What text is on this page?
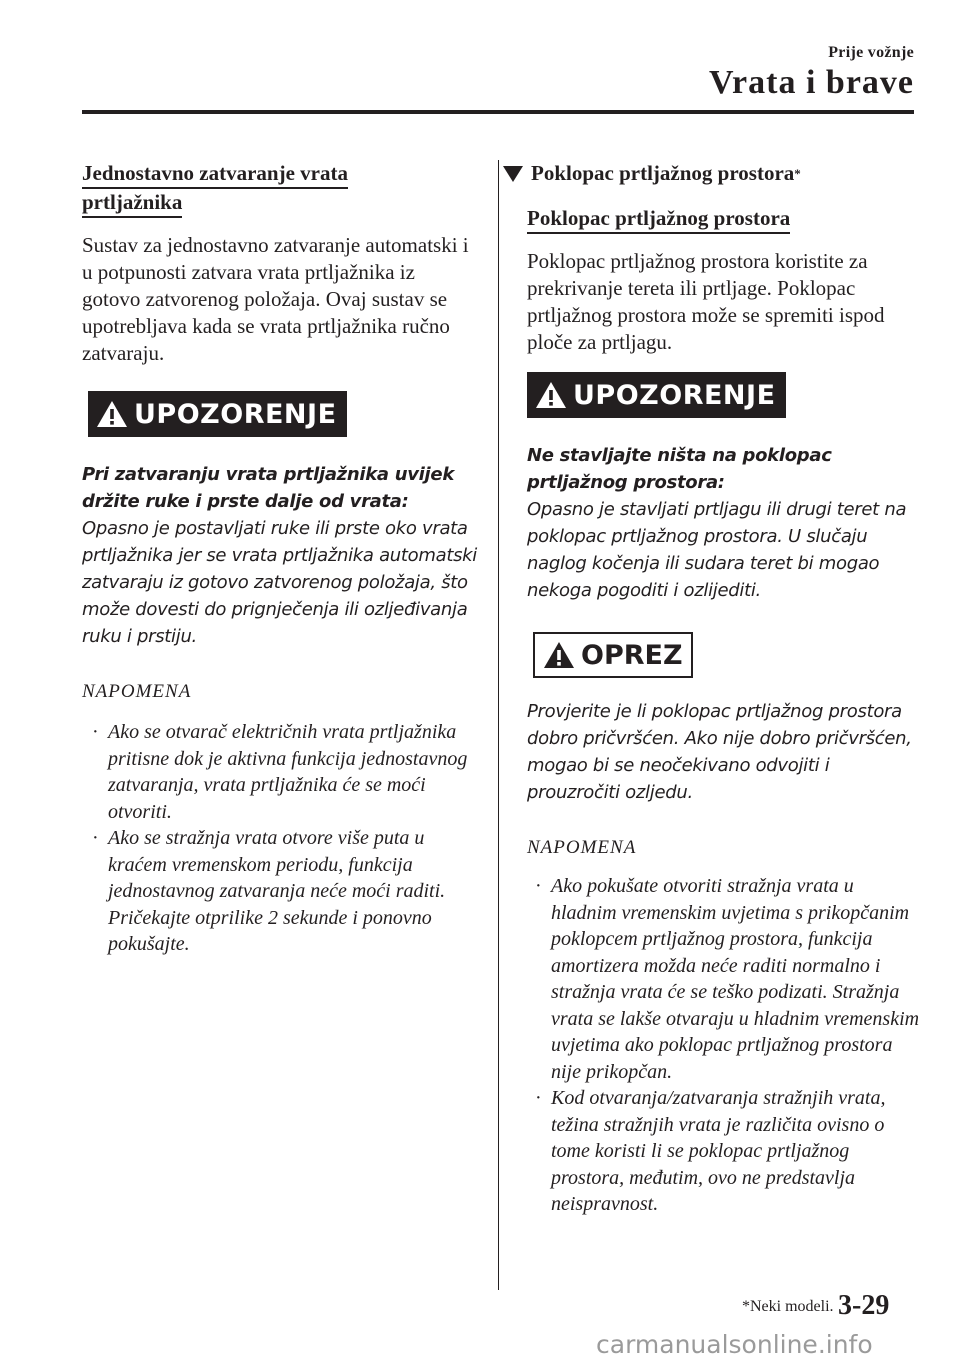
Prije vožnje
Vrata i brave
Jednostavno zatvaranje vrata
prtljažnika

Sustav za jednostavno zatvaranje automatski i u potpunosti zatvara vrata prtljažnika iz gotovo zatvorenog položaja. Ovaj sustav se upotrebljava kada se vrata prtljažnika ručno zatvaraju.

UPOZORENJE

Pri zatvaranju vrata prtljažnika uvijek držite ruke i prste dalje od vrata:

Opasno je postavljati ruke ili prste oko vrata prtljažnika jer se vrata prtljažnika automatski zatvaraju iz gotovo zatvorenog položaja, što može dovesti do prignječenja ili ozljeđivanja ruku i prstiju.

NAPOMENA

· Ako se otvarač električnih vrata prtljažnika pritisne dok je aktivna funkcija jednostavnog zatvaranja, vrata prtljažnika će se moći otvoriti.
· Ako se stražnja vrata otvore više puta u kraćem vremenskom periodu, funkcija jednostavnog zatvaranja neće moći raditi. Pričekajte otprilike 2 sekunde i ponovno pokušajte.
Poklopac prtljažnog prostora *
Poklopac prtljažnog prostora

Poklopac prtljažnog prostora koristite za prekrivanje tereta ili prtljage. Poklopac prtljažnog prostora može se spremiti ispod ploče za prtljagu.

UPOZORENJE

Ne stavljajte ništa na poklopac prtljažnog prostora:

Opasno je stavljati prtljagu ili drugi teret na poklopac prtljažnog prostora. U slučaju naglog kočenja ili sudara teret bi mogao nekoga pogoditi i ozlijediti.

OPREZ

Provjerite je li poklopac prtljažnog prostora dobro pričvršćen. Ako nije dobro pričvršćen, mogao bi se neočekivano odvojiti i prouzročiti ozljedu.

NAPOMENA

· Ako pokušate otvoriti stražnja vrata u hladnim vremenskim uvjetima s prikopčanim poklopcem prtljažnog prostora, funkcija amortizera možda neće raditi normalno i stražnja vrata će se teško podizati. Stražnja vrata se lakše otvaraju u hladnim vremenskim uvjetima ako poklopac prtljažnog prostora nije prikopčan.
· Kod otvaranja/zatvaranja stražnjih vrata, težina stražnjih vrata je različita ovisno o tome koristi li se poklopac prtljažnog prostora, međutim, ovo ne predstavlja neispravnost.
*Neki modeli. 3-29
carmanualsonline.info
